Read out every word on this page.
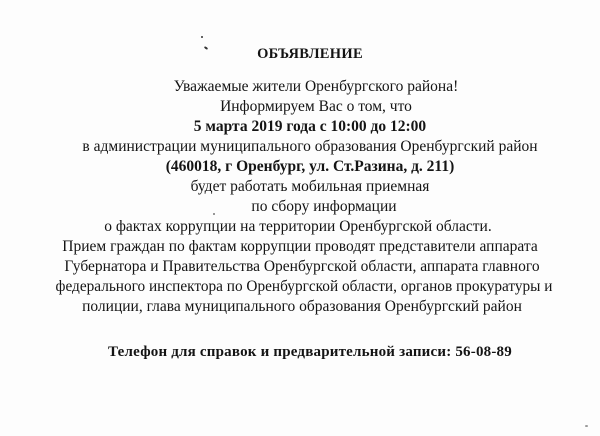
ОБЪЯВЛЕНИЕ
Уважаемые жители Оренбургского района!
Информируем Вас о том, что
5 марта 2019 года с 10:00 до 12:00
в администрации муниципального образования Оренбургский район
(460018, г Оренбург, ул. Ст.Разина, д. 211)
будет работать мобильная приемная
по сбору информации
о фактах коррупции на территории Оренбургской области.
Прием граждан по фактам коррупции проводят представители аппарата
Губернатора и Правительства Оренбургской области, аппарата главного
федерального инспектора по Оренбургской области, органов прокуратуры и
полиции, глава муниципального образования Оренбургский район
Телефон для справок и предварительной записи: 56-08-89
